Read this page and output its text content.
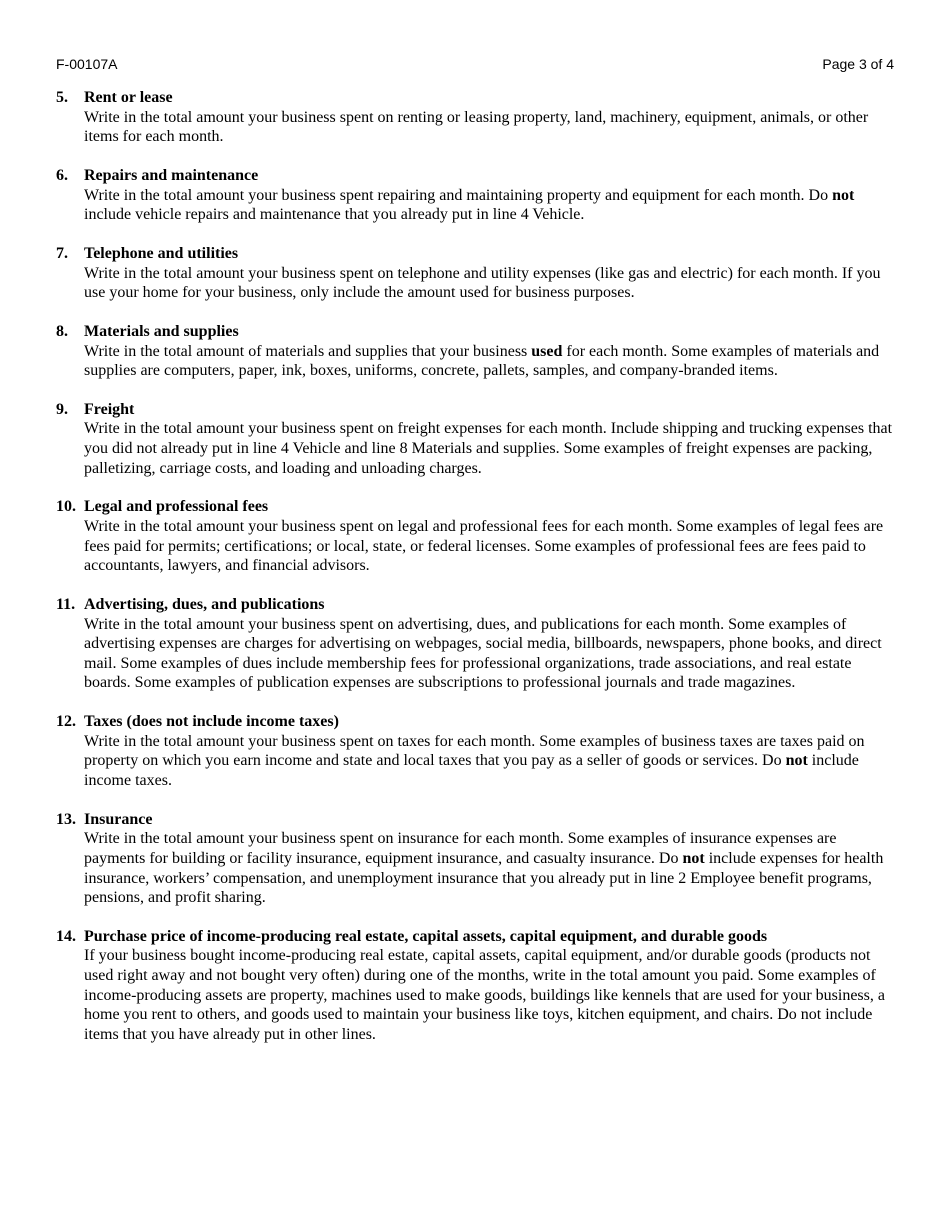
F-00107A	Page 3 of 4
5. Rent or lease

Write in the total amount your business spent on renting or leasing property, land, machinery, equipment, animals, or other items for each month.

6. Repairs and maintenance

Write in the total amount your business spent repairing and maintaining property and equipment for each month. Do not include vehicle repairs and maintenance that you already put in line 4 Vehicle.

7. Telephone and utilities

Write in the total amount your business spent on telephone and utility expenses (like gas and electric) for each month. If you use your home for your business, only include the amount used for business purposes.

8. Materials and supplies

Write in the total amount of materials and supplies that your business used for each month. Some examples of materials and supplies are computers, paper, ink, boxes, uniforms, concrete, pallets, samples, and company-branded items.

9. Freight

Write in the total amount your business spent on freight expenses for each month. Include shipping and trucking expenses that you did not already put in line 4 Vehicle and line 8 Materials and supplies. Some examples of freight expenses are packing, palletizing, carriage costs, and loading and unloading charges.

10. Legal and professional fees

Write in the total amount your business spent on legal and professional fees for each month. Some examples of legal fees are fees paid for permits; certifications; or local, state, or federal licenses. Some examples of professional fees are fees paid to accountants, lawyers, and financial advisors.

11. Advertising, dues, and publications

Write in the total amount your business spent on advertising, dues, and publications for each month. Some examples of advertising expenses are charges for advertising on webpages, social media, billboards, newspapers, phone books, and direct mail. Some examples of dues include membership fees for professional organizations, trade associations, and real estate boards. Some examples of publication expenses are subscriptions to professional journals and trade magazines.

12. Taxes (does not include income taxes)

Write in the total amount your business spent on taxes for each month. Some examples of business taxes are taxes paid on property on which you earn income and state and local taxes that you pay as a seller of goods or services. Do not include income taxes.

13. Insurance

Write in the total amount your business spent on insurance for each month. Some examples of insurance expenses are payments for building or facility insurance, equipment insurance, and casualty insurance. Do not include expenses for health insurance, workers’ compensation, and unemployment insurance that you already put in line 2 Employee benefit programs, pensions, and profit sharing.

14. Purchase price of income-producing real estate, capital assets, capital equipment, and durable goods

If your business bought income-producing real estate, capital assets, capital equipment, and/or durable goods (products not used right away and not bought very often) during one of the months, write in the total amount you paid. Some examples of income-producing assets are property, machines used to make goods, buildings like kennels that are used for your business, a home you rent to others, and goods used to maintain your business like toys, kitchen equipment, and chairs. Do not include items that you have already put in other lines.
